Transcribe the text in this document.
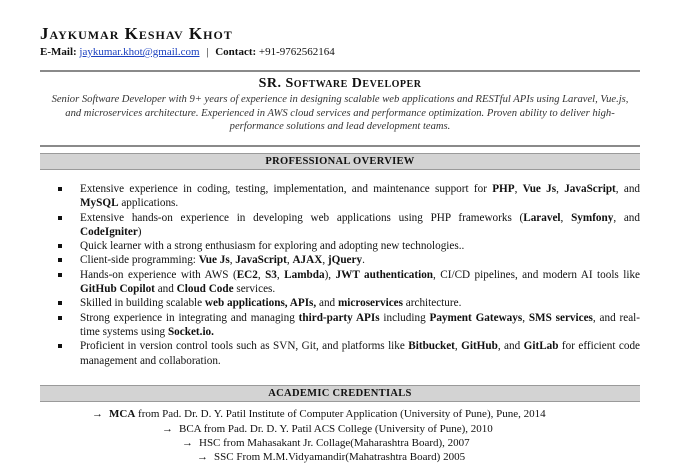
Jaykumar Keshav Khot
E-Mail: jaykumar.khot@gmail.com | Contact: +91-9762562164
SR. Software Developer
Senior Software Developer with 9+ years of experience in designing scalable web applications and RESTful APIs using Laravel, Vue.js, and microservices architecture. Experienced in AWS cloud services and performance optimization. Proven ability to deliver high-performance solutions and lead development teams.
PROFESSIONAL OVERVIEW
Extensive experience in coding, testing, implementation, and maintenance support for PHP, Vue Js, JavaScript, and MySQL applications.
Extensive hands-on experience in developing web applications using PHP frameworks (Laravel, Symfony, and CodeIgniter)
Quick learner with a strong enthusiasm for exploring and adopting new technologies..
Client-side programming: Vue Js, JavaScript, AJAX, jQuery.
Hands-on experience with AWS (EC2, S3, Lambda), JWT authentication, CI/CD pipelines, and modern AI tools like GitHub Copilot and Cloud Code services.
Skilled in building scalable web applications, APIs, and microservices architecture.
Strong experience in integrating and managing third-party APIs including Payment Gateways, SMS services, and real-time systems using Socket.io.
Proficient in version control tools such as SVN, Git, and platforms like Bitbucket, GitHub, and GitLab for efficient code management and collaboration.
ACADEMIC CREDENTIALS
→ MCA from Pad. Dr. D. Y. Patil Institute of Computer Application (University of Pune), Pune, 2014
→ BCA from Pad. Dr. D. Y. Patil ACS College (University of Pune), 2010
→ HSC from Mahasakant Jr. Collage(Maharashtra Board), 2007
→ SSC From M.M.Vidyamandir(Mahatrashtra Board) 2005
